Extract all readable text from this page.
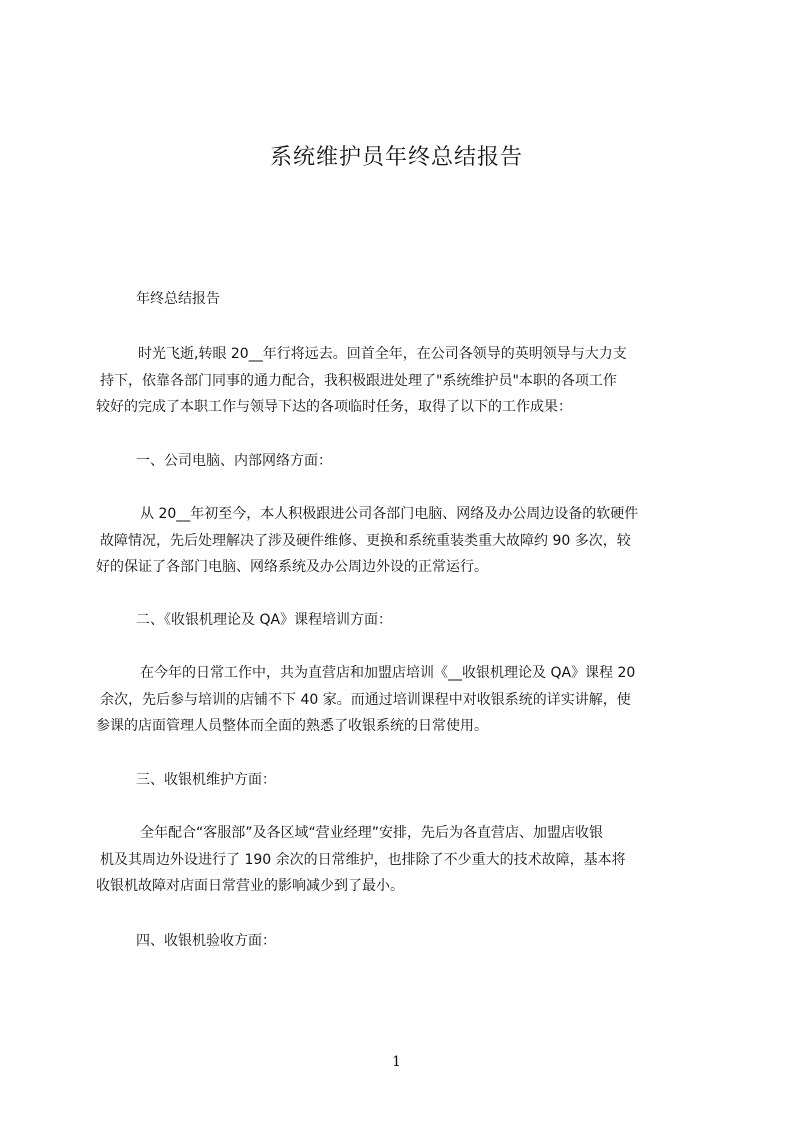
系统维护员年终总结报告
年终总结报告
时光飞逝,转眼 20__年行将远去。回首全年，在公司各领导的英明领导与大力支
持下，依靠各部门同事的通力配合，我积极跟进处理了"系统维护员"本职的各项工作
较好的完成了本职工作与领导下达的各项临时任务，取得了以下的工作成果：
一、公司电脑、内部网络方面：
从 20__年初至今，本人积极跟进公司各部门电脑、网络及办公周边设备的软硬件
故障情况，先后处理解决了涉及硬件维修、更换和系统重装类重大故障约 90 多次，较
好的保证了各部门电脑、网络系统及办公周边外设的正常运行。
二、《收银机理论及 QA》课程培训方面：
在今年的日常工作中，共为直营店和加盟店培训《__收银机理论及 QA》课程 20
余次，先后参与培训的店铺不下 40 家。而通过培训课程中对收银系统的详实讲解，使
参课的店面管理人员整体而全面的熟悉了收银系统的日常使用。
三、收银机维护方面：
全年配合“客服部”及各区域“营业经理”安排，先后为各直营店、加盟店收银
机及其周边外设进行了 190 余次的日常维护，也排除了不少重大的技术故障，基本将
收银机故障对店面日常营业的影响减少到了最小。
四、收银机验收方面：
1
